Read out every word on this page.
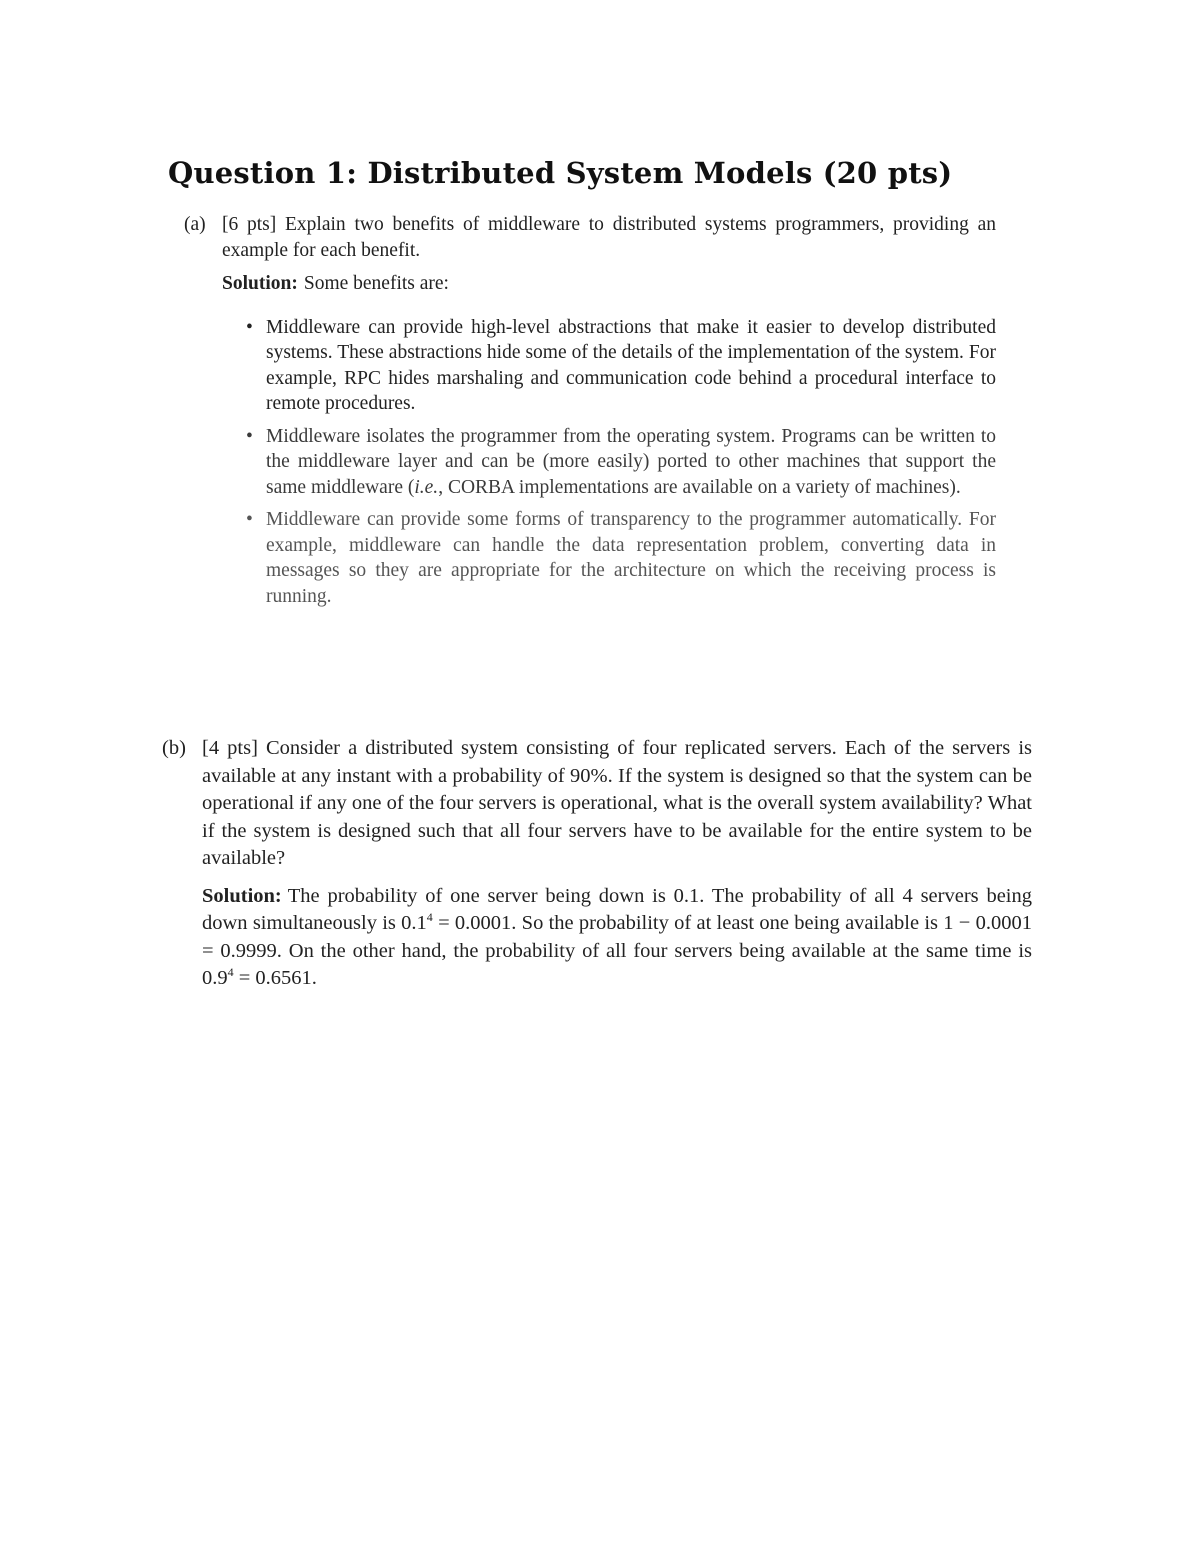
Question 1: Distributed System Models (20 pts)

(a) [6 pts] Explain two benefits of middleware to distributed systems programmers, providing an example for each benefit.

Solution: Some benefits are:

• Middleware can provide high-level abstractions that make it easier to develop distributed systems. These abstractions hide some of the details of the implementation of the system. For example, RPC hides marshaling and communication code behind a procedural interface to remote procedures.
• Middleware isolates the programmer from the operating system. Programs can be written to the middleware layer and can be (more easily) ported to other machines that support the same middleware (i.e., CORBA implementations are available on a variety of machines).
• Middleware can provide some forms of transparency to the programmer automatically. For example, middleware can handle the data representation problem, converting data in messages so they are appropriate for the architecture on which the receiving process is running.

(b) [4 pts] Consider a distributed system consisting of four replicated servers. Each of the servers is available at any instant with a probability of 90%. If the system is designed so that the system can be operational if any one of the four servers is operational, what is the overall system availability? What if the system is designed such that all four servers have to be available for the entire system to be available?

Solution: The probability of one server being down is 0.1. The probability of all 4 servers being down simultaneously is $0.1^4 = 0.0001$. So the probability of at least one being available is 1 − 0.0001 = 0.9999. On the other hand, the probability of all four servers being available at the same time is $0.9^4 = 0.6561$.
